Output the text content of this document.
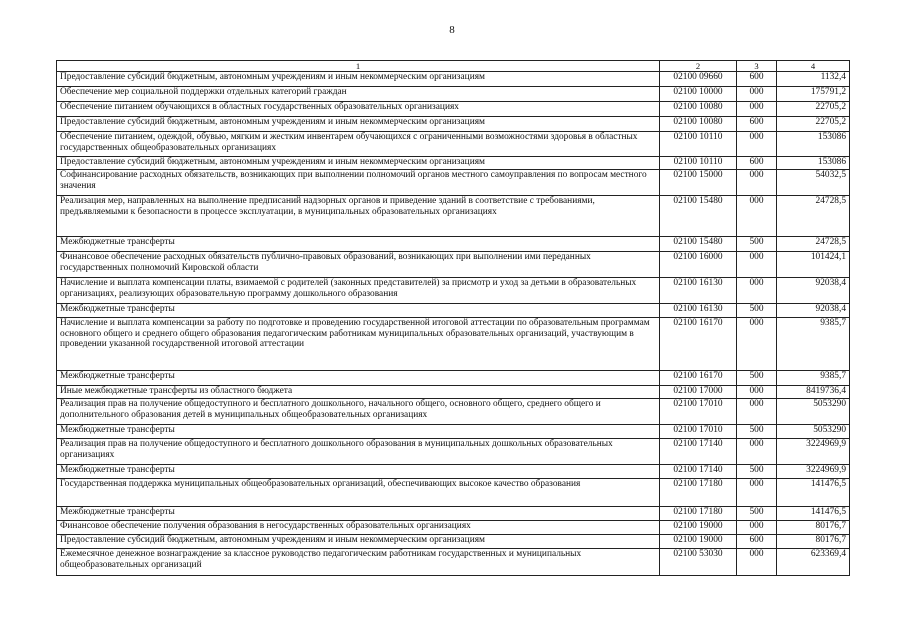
8
1	2	3	4
Предоставление субсидий бюджетным, автономным учреждениям и иным некоммерческим организациям	02100 09660	600	1132,4
Обеспечение мер социальной поддержки отдельных категорий граждан	02100 10000	000	175791,2
Обеспечение питанием обучающихся в областных государственных образовательных организациях	02100 10080	000	22705,2
Предоставление субсидий бюджетным, автономным учреждениям и иным некоммерческим организациям	02100 10080	600	22705,2
Обеспечение питанием, одеждой, обувью, мягким и жестким инвентарем обучающихся с ограниченными возможностями здоровья в областных государственных общеобразовательных организациях	02100 10110	000	153086
Предоставление субсидий бюджетным, автономным учреждениям и иным некоммерческим организациям	02100 10110	600	153086
Софинансирование расходных обязательств, возникающих при выполнении полномочий органов местного самоуправления по вопросам местного значения	02100 15000	000	54032,5
Реализация мер, направленных на выполнение предписаний надзорных органов и приведение зданий в соответствие с требованиями, предъявляемыми к безопасности в процессе эксплуатации, в муниципальных образовательных организациях	02100 15480	000	24728,5
Межбюджетные трансферты	02100 15480	500	24728,5
Финансовое обеспечение расходных обязательств публично-правовых образований, возникающих при выполнении ими переданных государственных полномочий Кировской области	02100 16000	000	101424,1
Начисление и выплата компенсации платы, взимаемой с родителей (законных представителей) за присмотр и уход за детьми в образовательных организациях, реализующих образовательную программу дошкольного образования	02100 16130	000	92038,4
Межбюджетные трансферты	02100 16130	500	92038,4
Начисление и выплата компенсации за работу по подготовке и проведению государственной итоговой аттестации по образовательным программам основного общего и среднего общего образования педагогическим работникам муниципальных образовательных организаций, участвующим в проведении указанной государственной итоговой аттестации	02100 16170	000	9385,7
Межбюджетные трансферты	02100 16170	500	9385,7
Иные межбюджетные трансферты из областного бюджета	02100 17000	000	8419736,4
Реализация прав на получение общедоступного и бесплатного дошкольного, начального общего, основного общего, среднего общего и дополнительного образования детей в муниципальных общеобразовательных организациях	02100 17010	000	5053290
Межбюджетные трансферты	02100 17010	500	5053290
Реализация прав на получение общедоступного и бесплатного дошкольного образования в муниципальных дошкольных образовательных организациях	02100 17140	000	3224969,9
Межбюджетные трансферты	02100 17140	500	3224969,9
Государственная поддержка муниципальных общеобразовательных организаций, обеспечивающих высокое качество образования	02100 17180	000	141476,5
Межбюджетные трансферты	02100 17180	500	141476,5
Финансовое обеспечение получения образования в негосударственных образовательных организациях	02100 19000	000	80176,7
Предоставление субсидий бюджетным, автономным учреждениям и иным некоммерческим организациям	02100 19000	600	80176,7
Ежемесячное денежное вознаграждение за классное руководство педагогическим работникам государственных и муниципальных общеобразовательных организаций	02100 53030	000	623369,4
